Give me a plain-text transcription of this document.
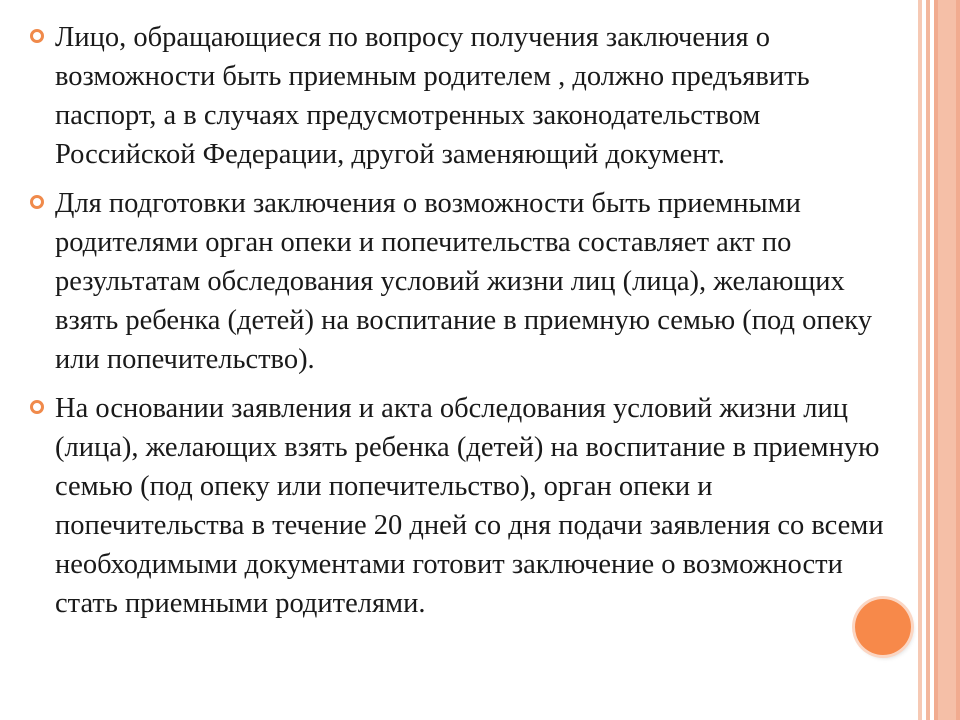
Лицо, обращающиеся по вопросу получения заключения о возможности быть приемным родителем , должно предъявить паспорт, а в случаях предусмотренных законодательством Российской Федерации, другой заменяющий документ.

Для подготовки заключения о возможности быть приемными родителями орган опеки и попечительства составляет акт по результатам обследования условий жизни лиц (лица), желающих взять ребенка (детей) на воспитание в приемную семью (под опеку или попечительство).

На основании заявления и акта обследования условий жизни лиц (лица), желающих взять ребенка (детей) на воспитание в приемную семью (под опеку или попечительство), орган опеки и попечительства в течение 20 дней со дня подачи заявления со всеми необходимыми документами готовит заключение о возможности стать приемными родителями.
